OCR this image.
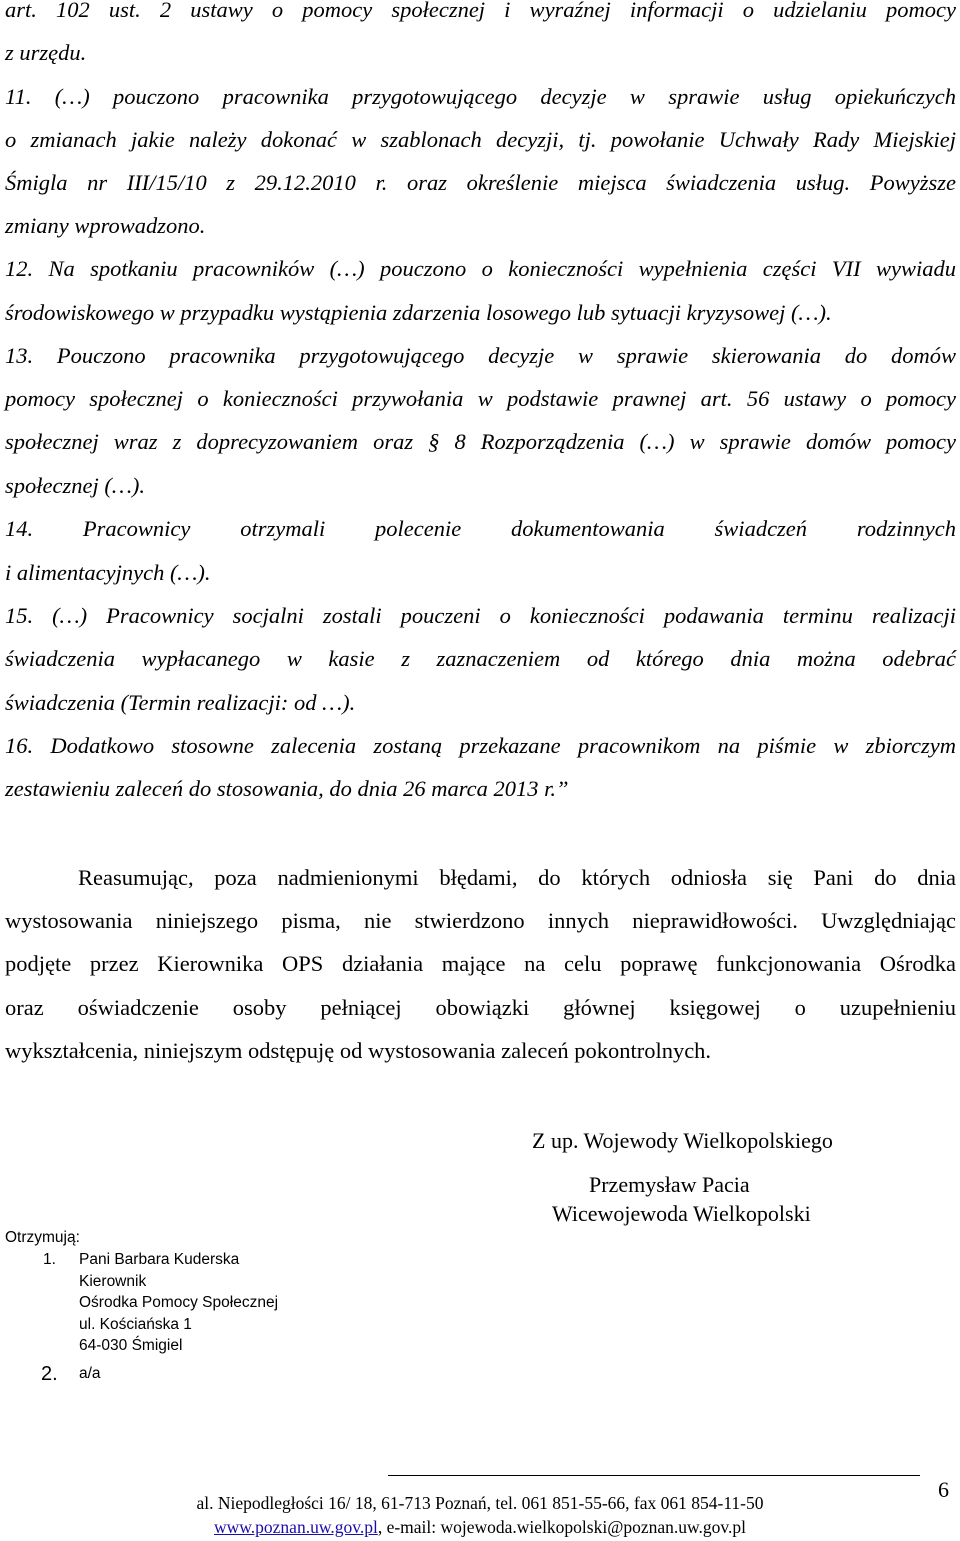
art. 102 ust. 2 ustawy o pomocy społecznej i wyraźnej informacji o udzielaniu pomocy
z urzędu.
11. (…) pouczono pracownika przygotowującego decyzje w sprawie usług opiekuńczych
o zmianach jakie należy dokonać w szablonach decyzji, tj. powołanie Uchwały Rady Miejskiej
Śmigla nr III/15/10 z 29.12.2010 r. oraz określenie miejsca świadczenia usług. Powyższe
zmiany wprowadzono.
12. Na spotkaniu pracowników (…) pouczono o konieczności wypełnienia części VII wywiadu
środowiskowego w przypadku wystąpienia zdarzenia losowego lub sytuacji kryzysowej (…).
13. Pouczono pracownika przygotowującego decyzje w sprawie skierowania do domów
pomocy społecznej o konieczności przywołania w podstawie prawnej art. 56 ustawy o pomocy
społecznej wraz z doprecyzowaniem oraz § 8 Rozporządzenia (…) w sprawie domów pomocy
społecznej (…).
14. Pracownicy otrzymali polecenie dokumentowania świadczeń rodzinnych
i alimentacyjnych (…).
15. (…) Pracownicy socjalni zostali pouczeni o konieczności podawania terminu realizacji
świadczenia wypłacanego w kasie z zaznaczeniem od którego dnia można odebrać
świadczenia (Termin realizacji: od …).
16. Dodatkowo stosowne zalecenia zostaną przekazane pracownikom na piśmie w zbiorczym
zestawieniu zaleceń do stosowania, do dnia 26 marca 2013 r.”
Reasumując, poza nadmienionymi błędami, do których odniosła się Pani do dnia
wystosowania niniejszego pisma, nie stwierdzono innych nieprawidłowości. Uwzględniając
podjęte przez Kierownika OPS działania mające na celu poprawę funkcjonowania Ośrodka
oraz oświadczenie osoby pełniącej obowiązki głównej księgowej o uzupełnieniu
wykształcenia, niniejszym odstępuję od wystosowania zaleceń pokontrolnych.
Z up. Wojewody Wielkopolskiego
Przemysław Pacia
Wicewojewoda Wielkopolski
Otrzymują:
1. Pani Barbara Kuderska
Kierownik
Ośrodka Pomocy Społecznej
ul. Kościańska 1
64-030 Śmigiel
2. a/a
6
al. Niepodległości 16/ 18, 61-713 Poznań, tel. 061 851-55-66, fax 061 854-11-50
www.poznan.uw.gov.pl, e-mail: wojewoda.wielkopolski@poznan.uw.gov.pl
